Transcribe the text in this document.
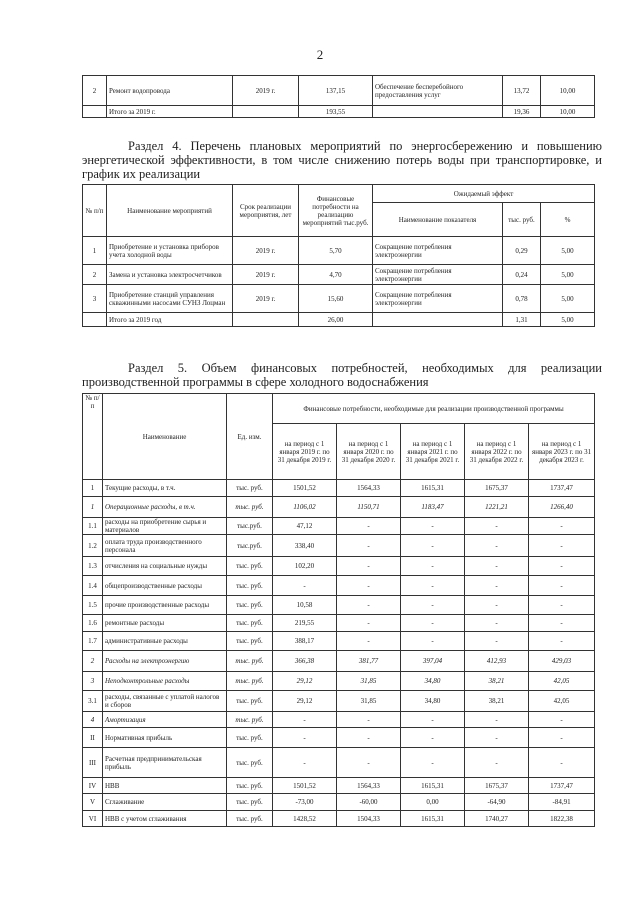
2
2	Ремонт водопровода	2019 г.	137,15	Обеспечение бесперебойного предоставления услуг	13,72	10,00
	Итого за 2019 г.		193,55		19,36	10,00
Раздел 4. Перечень плановых мероприятий по энергосбережению и повышению энергетической эффективности, в том числе снижению потерь воды при транспортировке, и график их реализации
№ п/п	Наименование мероприятий	Срок реализации мероприятия, лет	Финансовые потребности на реализацию мероприятий тыс.руб.	Ожидаемый эффект		
				Наименование показателя	тыс. руб.	%
1	Приобретение и установка приборов учета холодной воды	2019 г.	5,70	Сокращение потребления электроэнергии	0,29	5,00
2	Замена и установка электросчетчиков	2019 г.	4,70	Сокращение потребления электроэнергии	0,24	5,00
3	Приобретение станций управления скважинными насосами СУНЗ Лоцман	2019 г.	15,60	Сокращение потребления электроэнергии	0,78	5,00
	Итого за 2019 год		26,00		1,31	5,00
Раздел 5. Объем финансовых потребностей, необходимых для реализации производственной программы в сфере холодного водоснабжения
№ п/п	Наименование	Ед. изм.	Финансовые потребности, необходимые для реализации производственной программы				
			на период с 1 января 2019 г. по 31 декабря 2019 г.	на период с 1 января 2020 г. по 31 декабря 2020 г.	на период с 1 января 2021 г. по 31 декабря 2021 г.	на период с 1 января 2022 г. по 31 декабря 2022 г.	на период с 1 января 2023 г. по 31 декабря 2023 г.
1	Текущие расходы, в т.ч.	тыс. руб.	1501,52	1564,33	1615,31	1675,37	1737,47
1	Операционные расходы, в т.ч.	тыс. руб.	1106,02	1150,71	1183,47	1221,21	1266,40
1.1	расходы на приобретение сырья и материалов	тыс.руб.	47,12	-	-	-	-
1.2	оплата труда производственного персонала	тыс.руб.	338,40	-	-	-	-
1.3	отчисления на социальные нужды	тыс. руб.	102,20	-	-	-	-
1.4	общепроизводственные расходы	тыс. руб.	-	-	-	-	-
1.5	прочие производственные расходы	тыс. руб.	10,58	-	-	-	-
1.6	ремонтные расходы	тыс. руб.	219,55	-	-	-	-
1.7	административные расходы	тыс. руб.	388,17	-	-	-	-
2	Расходы на электроэнергию	тыс. руб.	366,38	381,77	397,04	412,93	429,03
3	Неподконтрольные расходы	тыс. руб.	29,12	31,85	34,80	38,21	42,05
3.1	расходы, связанные с уплатой налогов и сборов	тыс. руб.	29,12	31,85	34,80	38,21	42,05
4	Амортизация	тыс. руб.	-	-	-	-	-
II	Нормативная прибыль	тыс. руб.	-	-	-	-	-
III	Расчетная предпринимательская прибыль	тыс. руб.	-	-	-	-	-
IV	НВВ	тыс. руб.	1501,52	1564,33	1615,31	1675,37	1737,47
V	Сглаживание	тыс. руб.	-73,00	-60,00	0,00	-64,90	-84,91
VI	НВВ с учетом сглаживания	тыс. руб.	1428,52	1504,33	1615,31	1740,27	1822,38
